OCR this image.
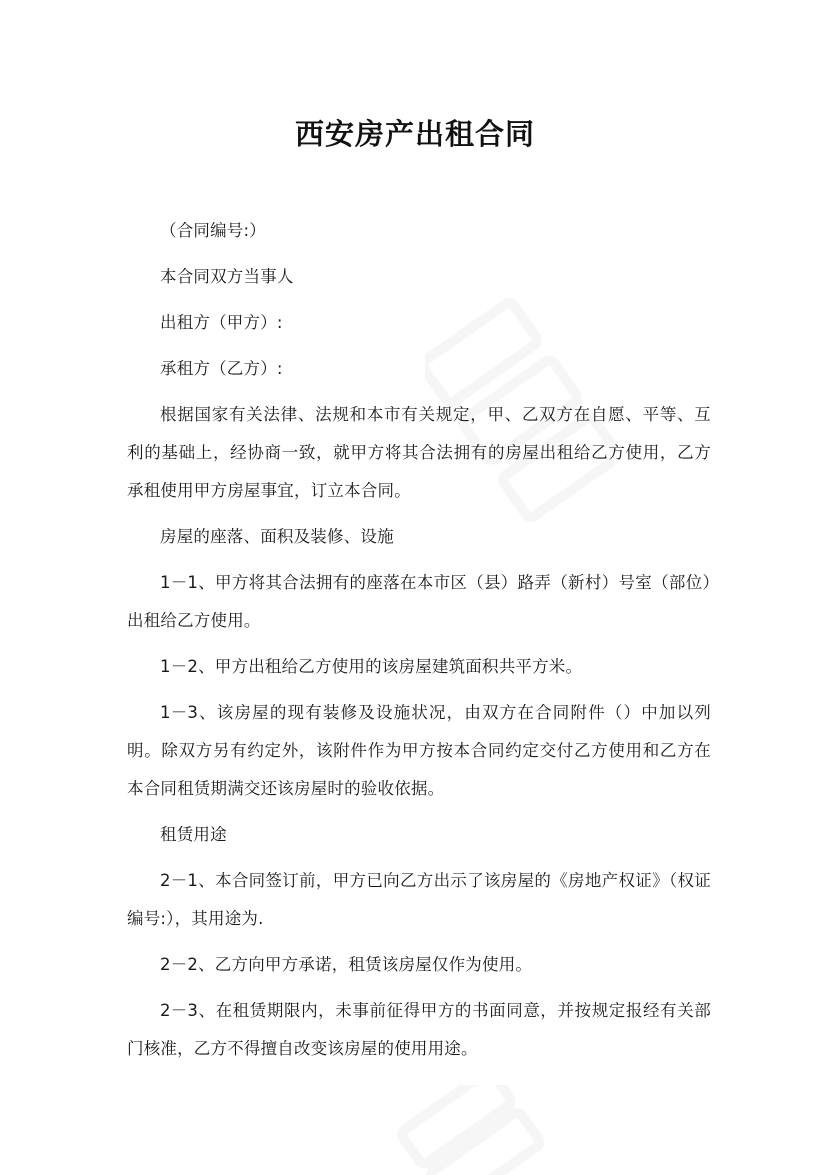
西安房产出租合同

（合同编号:）

本合同双方当事人

出租方（甲方）:

承租方（乙方）:

根据国家有关法律、法规和本市有关规定，甲、乙双方在自愿、平等、互利的基础上，经协商一致，就甲方将其合法拥有的房屋出租给乙方使用，乙方承租使用甲方房屋事宜，订立本合同。

房屋的座落、面积及装修、设施

1－1、甲方将其合法拥有的座落在本市区（县）路弄（新村）号室（部位）出租给乙方使用。

1－2、甲方出租给乙方使用的该房屋建筑面积共平方米。

1－3、该房屋的现有装修及设施状况，由双方在合同附件（）中加以列明。除双方另有约定外，该附件作为甲方按本合同约定交付乙方使用和乙方在本合同租赁期满交还该房屋时的验收依据。

租赁用途

2－1、本合同签订前，甲方已向乙方出示了该房屋的《房地产权证》（权证编号:），其用途为.

2－2、乙方向甲方承诺，租赁该房屋仅作为使用。

2－3、在租赁期限内，未事前征得甲方的书面同意，并按规定报经有关部门核准，乙方不得擅自改变该房屋的使用用途。
